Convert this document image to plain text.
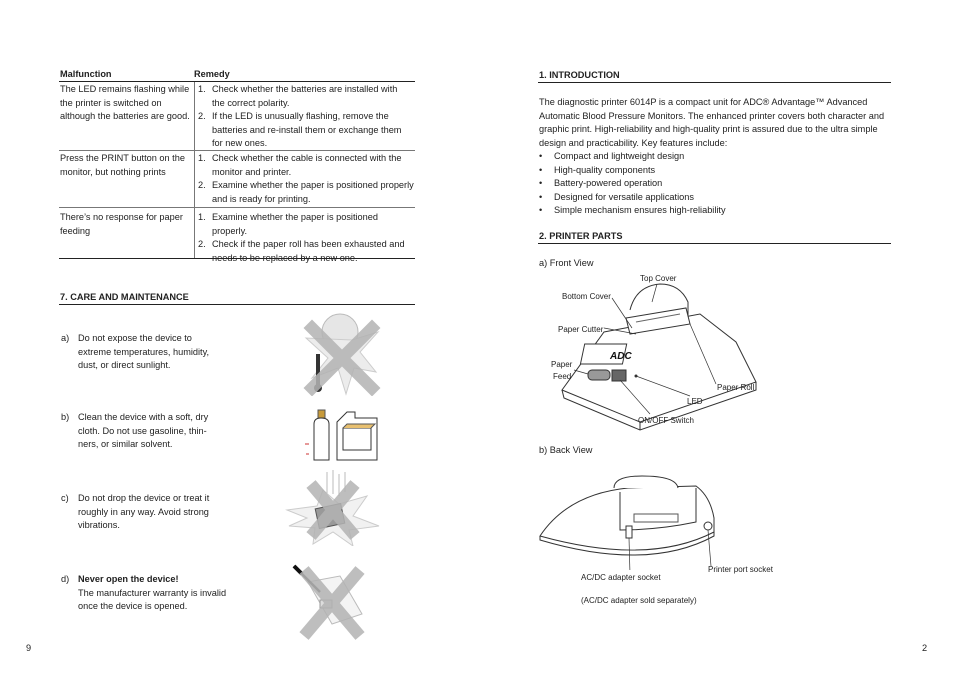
Malfunction	Remedy
The LED remains flashing while the printer is switched on although the batteries are good.
1. Check whether the batteries are installed with the correct polarity.
2. If the LED is unusually flashing, remove the batteries and re-install them or exchange them for new ones.
Press the PRINT button on the monitor, but nothing prints
1. Check whether the cable is connected with the monitor and printer.
2. Examine whether the paper is positioned properly and is ready for printing.
There’s no response for paper feeding
1. Examine whether the paper is positioned properly.
2. Check if the paper roll has been exhausted and needs to be replaced by a new one.
7. CARE AND MAINTENANCE
a) Do not expose the device to extreme temperatures, humidity, dust, or direct sunlight.
b) Clean the device with a soft, dry cloth. Do not use gasoline, thin-ners, or similar solvent.
c) Do not drop the device or treat it roughly in any way. Avoid strong vibrations.
d) Never open the device!
The manufacturer warranty is invalid once the device is opened.
9
1. INTRODUCTION
The diagnostic printer 6014P is a compact unit for ADC® Advantage™ Advanced Automatic Blood Pressure Monitors. The enhanced printer covers both character and graphic print. High-reliability and high-quality print is assured due to the ultra simple design and practicability. Key features include:
• Compact and lightweight design
• High-quality components
• Battery-powered operation
• Designed for versatile applications
• Simple mechanism ensures high-reliability
2. PRINTER PARTS
a) Front View
ADC
Top Cover
Bottom Cover
Paper Cutter
Paper
Feed
Paper Roll
LED
ON/OFF Switch
b) Back View
Printer port socket
AC/DC adapter socket
(AC/DC adapter sold separately)
2
